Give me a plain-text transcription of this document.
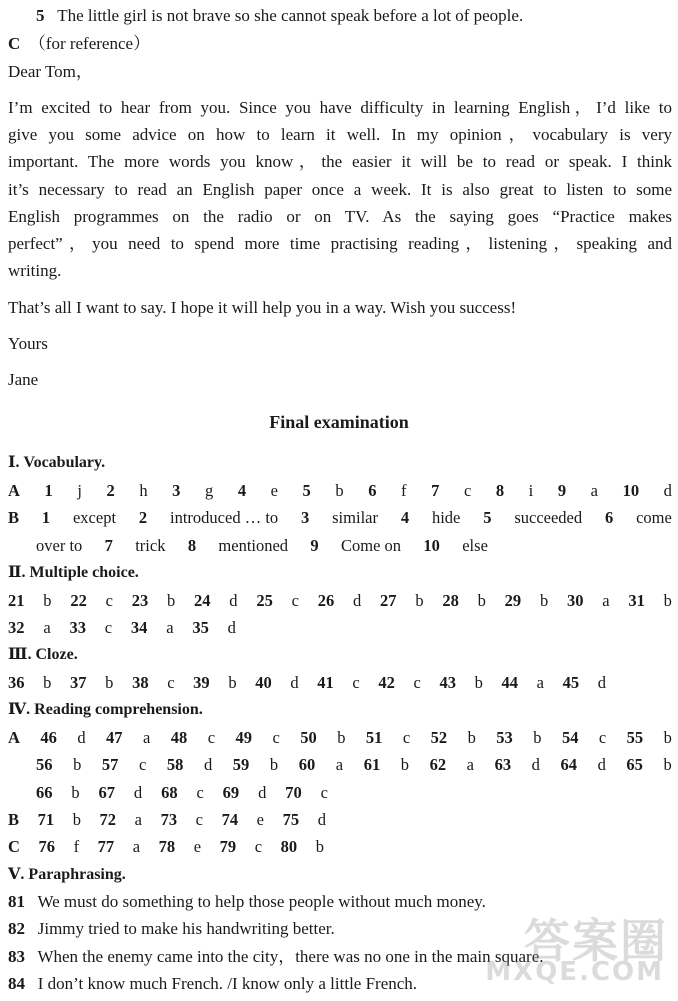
5 The little girl is not brave so she cannot speak before a lot of people.
C （for reference）
Dear Tom，
I’m excited to hear from you. Since you have difficulty in learning English，I’d like to
give you some advice on how to learn it well. In my opinion，vocabulary is very
important. The more words you know，the easier it will be to read or speak. I think
it’s necessary to read an English paper once a week. It is also great to listen to some
English programmes on the radio or on TV. As the saying goes “Practice makes
perfect”，you need to spend more time practising reading，listening，speaking and
writing.
That’s all I want to say. I hope it will help you in a way. Wish you success!
Yours
Jane
Final examination
Ⅰ. Vocabulary.
A 1 j 2 h 3 g 4 e 5 b 6 f 7 c 8 i 9 a 10 d
B 1 except 2 introduced … to 3 similar 4 hide 5 succeeded 6 come
over to 7 trick 8 mentioned 9 Come on 10 else
Ⅱ. Multiple choice.
21 b 22 c 23 b 24 d 25 c 26 d 27 b 28 b 29 b 30 a 31 b
32 a 33 c 34 a 35 d
Ⅲ. Cloze.
36 b 37 b 38 c 39 b 40 d 41 c 42 c 43 b 44 a 45 d
Ⅳ. Reading comprehension.
A 46 d 47 a 48 c 49 c 50 b 51 c 52 b 53 b 54 c 55 b
56 b 57 c 58 d 59 b 60 a 61 b 62 a 63 d 64 d 65 b
66 b 67 d 68 c 69 d 70 c
B 71 b 72 a 73 c 74 e 75 d
C 76 f 77 a 78 e 79 c 80 b
Ⅴ. Paraphrasing.
81 We must do something to help those people without much money.
82 Jimmy tried to make his handwriting better.
83 When the enemy came into the city，there was no one in the main square.
84 I don’t know much French. /I know only a little French.
答案圈
MXQE.COM
